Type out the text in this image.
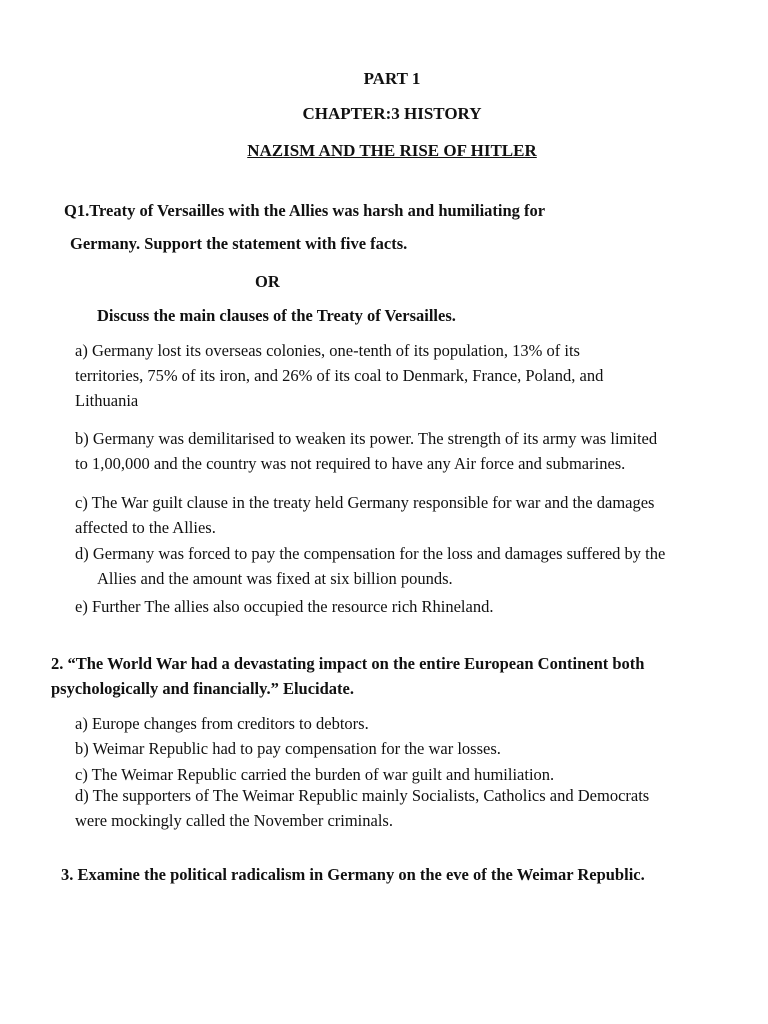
PART 1
CHAPTER:3 HISTORY
NAZISM AND THE RISE OF HITLER
Q1.Treaty of Versailles with the Allies was harsh and humiliating for
Germany. Support the statement with five facts.
OR
Discuss the main clauses of the Treaty of Versailles.
a) Germany lost its overseas colonies, one-tenth of its population, 13% of its
territories, 75% of its iron, and 26% of its coal to Denmark, France, Poland, and
Lithuania
b) Germany was demilitarised to weaken its power. The strength of its army was limited
to 1,00,000 and the country was not required to have any Air force and submarines.
c) The War guilt clause in the treaty held Germany responsible for war and the damages
affected to the Allies.
d) Germany was forced to pay the compensation for the loss and damages suffered by the
Allies and the amount was fixed at six billion pounds.
e) Further The allies also occupied the resource rich Rhineland.
2. “The World War had a devastating impact on the entire European Continent both
psychologically and financially.” Elucidate.
a) Europe changes from creditors to debtors.
b) Weimar Republic had to pay compensation for the war losses.
c) The Weimar Republic carried the burden of war guilt and humiliation.
d) The supporters of The Weimar Republic mainly Socialists, Catholics and Democrats
were mockingly called the November criminals.
3. Examine the political radicalism in Germany on the eve of the Weimar Republic.
